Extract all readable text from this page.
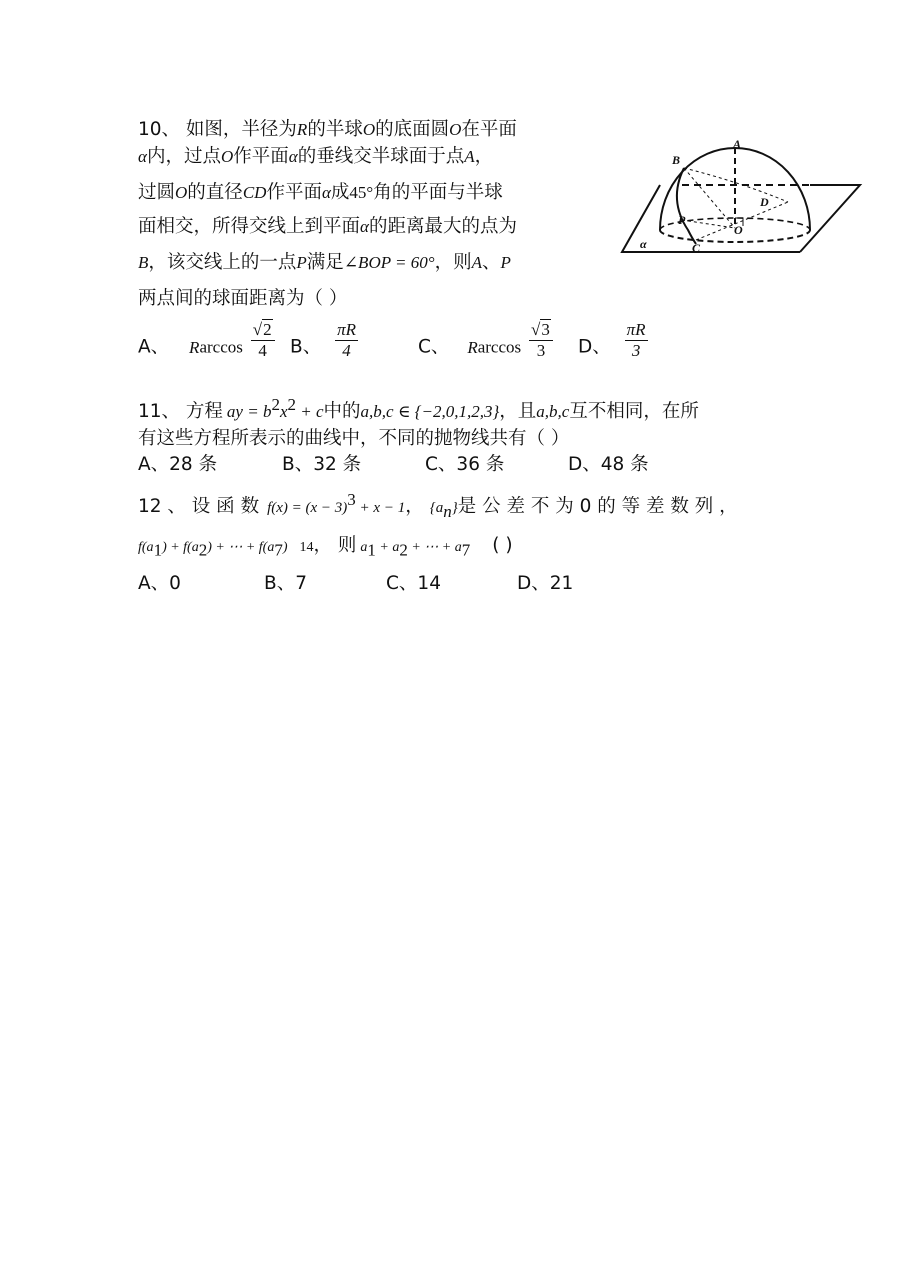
10、 如图，半径为R的半球O的底面圆O在平面
α内，过点O作平面α的垂线交半球面于点A，
过圆O的直径CD作平面α成45°角的平面与半球
面相交，所得交线上到平面α的距离最大的点为
B，该交线上的一点P满足∠BOP = 60°，则A、P
两点间的球面距离为（ ）
A、 Rarccos $\frac{√2}{4}$ B、 $\frac{\pi R}{4}$	C、 Rarccos $\frac{√3}{3}$ D、 $\frac{\pi R}{3}$
A
B
C
D
O
P
α
11、 方程 ay = $b^2x^2 + c$中的a,b,c ∈ {−2,0,1,2,3}，且a,b,c互不相同，在所
有这些方程所表示的曲线中，不同的抛物线共有（ ）
A、28 条	B、32 条	C、36 条	D、48 条
12 、 设 函 数 $f(x) = (x - 3)^3 + x - 1$， $\{a_n\}$是 公 差 不 为 0 的 等 差 数 列 ，
$f(a_1) + f(a_2)$ + ⋯ + $f(a_7)$ 14， 则 $a_1 + a_2$ + ⋯ + $a_7$ ( )
A、0	B、7	C、14	D、21
